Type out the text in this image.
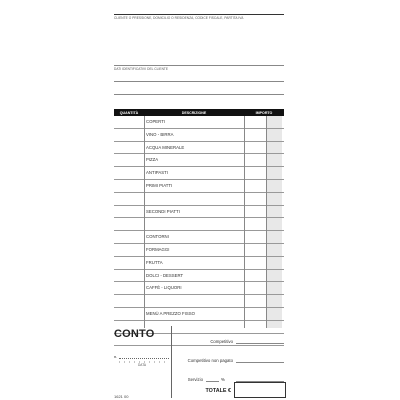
CLIENTE O PRESSIONE, DOMICILIO O RESIDENZA, CODICE FISCALE, PARTITA IVA
DATI IDENTIFICATIVI DEL CLIENTE
QUANTITÀ	DESCRIZIONE	IMPORTO
COPERTI
VINO - BIRRA
ACQUA MINERALE
PIZZA
ANTIPASTI
PRIMI PIATTI
SECONDI PIATTI
CONTORNI
FORMAGGI
FRUTTA
DOLCI - DESSERT
CAFFÈ - LIQUORI
MENÙ A PREZZO FISSO
CONTO
n.
DATA
1621 00
Competitivo
Competitivo non pagato
Servizio	%
TOTALE €
